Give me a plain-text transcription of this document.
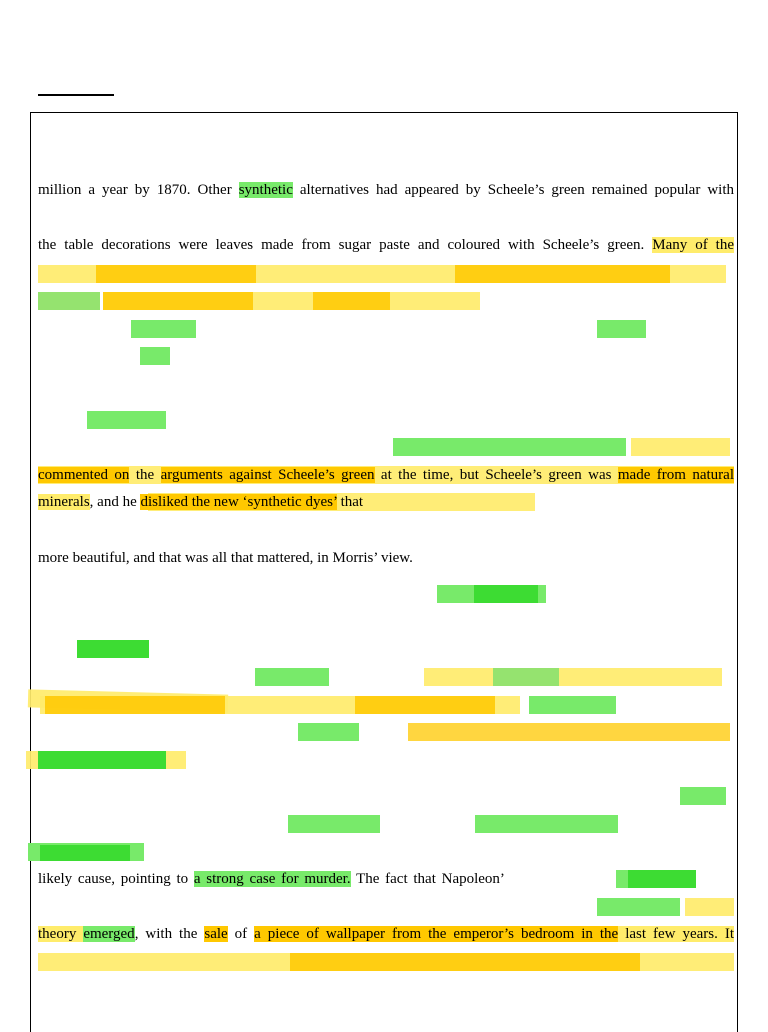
million a year by 1870. Other synthetic alternatives had appeared by Scheele’s green remained popular with
the table decorations were leaves made from sugar paste and coloured with Scheele’s green. Many of the
commented on the arguments against Scheele’s green at the time, but Scheele’s green was made from natural
minerals, and he disliked the new ‘synthetic dyes’ that
more beautiful, and that was all that mattered, in Morris’ view.
likely cause, pointing to a strong case for murder. The fact that Napoleon’
theory emerged, with the sale of a piece of wallpaper from the emperor’s bedroom in the last few years. It
